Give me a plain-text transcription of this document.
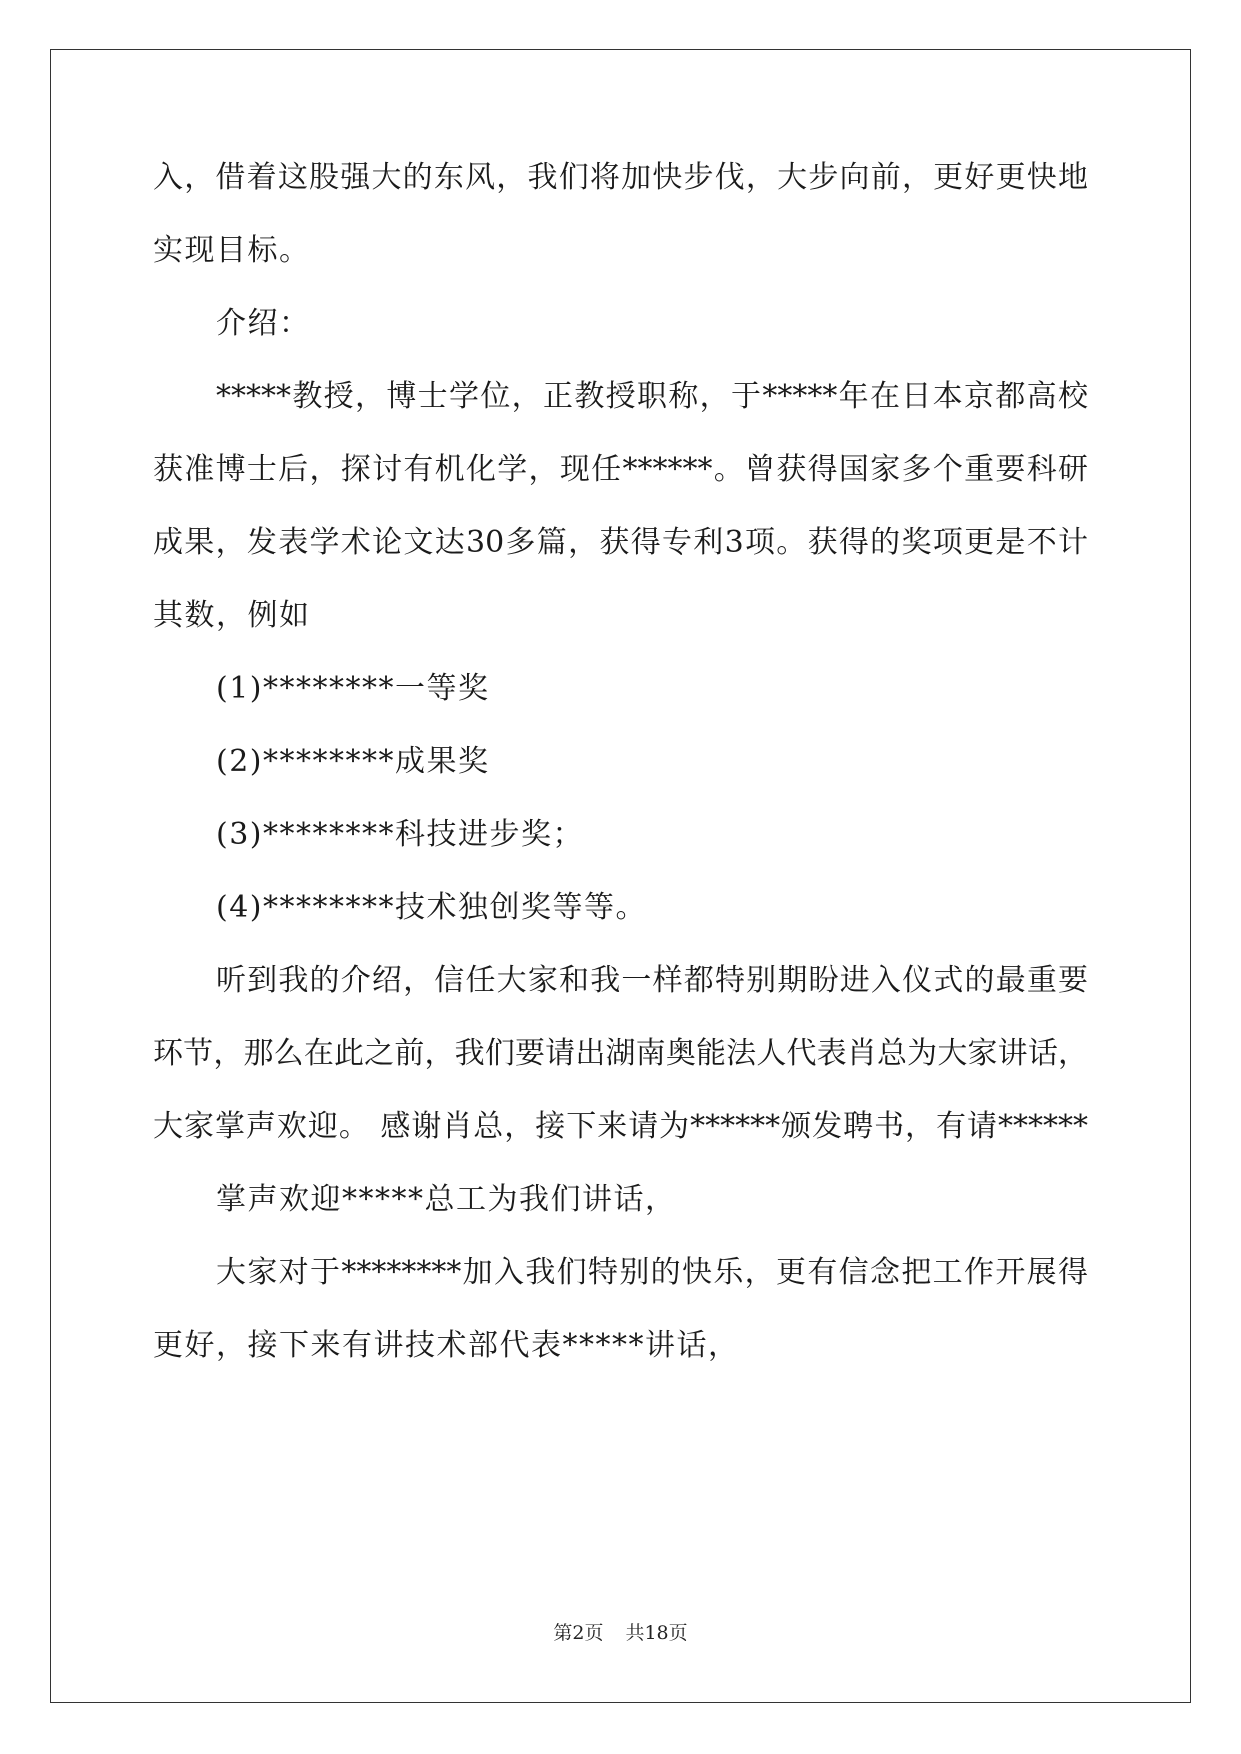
入，借着这股强大的东风，我们将加快步伐，大步向前，更好更快地
实现目标。
介绍：
*****教授，博士学位，正教授职称，于*****年在日本京都高校
获准博士后，探讨有机化学，现任******。曾获得国家多个重要科研
成果，发表学术论文达30多篇，获得专利3项。获得的奖项更是不计
其数，例如
(1)********一等奖
(2)********成果奖
(3)********科技进步奖；
(4)********技术独创奖等等。
听到我的介绍，信任大家和我一样都特别期盼进入仪式的最重要
环节，那么在此之前，我们要请出湖南奥能法人代表肖总为大家讲话，
大家掌声欢迎。 感谢肖总，接下来请为******颁发聘书，有请******
掌声欢迎*****总工为我们讲话，
大家对于********加入我们特别的快乐，更有信念把工作开展得
更好，接下来有讲技术部代表*****讲话，
第2页 共18页
